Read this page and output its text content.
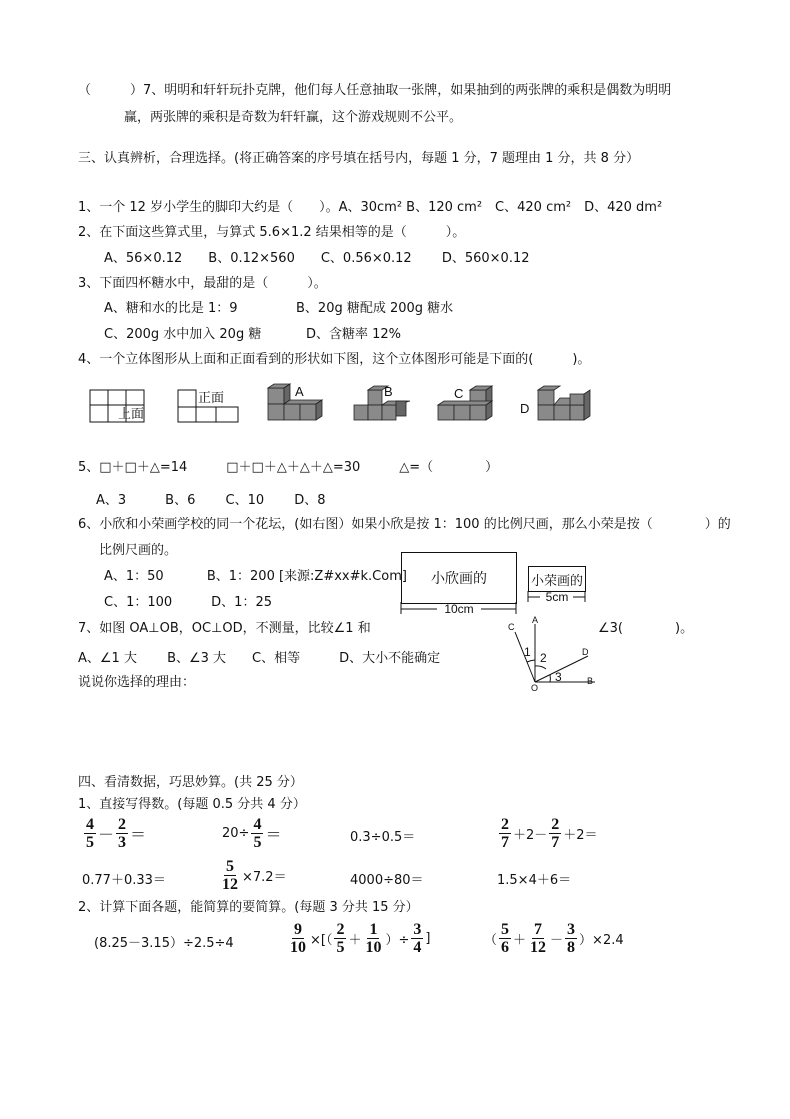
（　　　）7、明明和轩轩玩扑克牌，他们每人任意抽取一张牌，如果抽到的两张牌的乘积是偶数为明明
赢，两张牌的乘积是奇数为轩轩赢，这个游戏规则不公平。
三、认真辨析，合理选择。(将正确答案的序号填在括号内，每题 1 分，7 题理由 1 分，共 8 分）
1、一个 12 岁小学生的脚印大约是（　　）。A、30cm² B、120 cm²　C、420 cm²　D、420 dm²
2、在下面这些算式里，与算式 5.6×1.2 结果相等的是（　　　）。
A、56×0.12　　B、0.12×560　　C、0.56×0.12　　 D、560×0.12
3、下面四杯糖水中，最甜的是（　　　）。
A、糖和水的比是 1：9	B、20g 糖配成 200g 糖水
C、200g 水中加入 20g 糖	D、含糖率 12%
4、一个立体图形从上面和正面看到的形状如下图，这个立体图形可能是下面的(　　　)。
上面
正面	A	B	C
D
5、□＋□＋△=14　　　□＋□＋△＋△＋△=30　　　△=（　　　　）
A、3　　　B、6　　 C、10　　 D、8
6、小欣和小荣画学校的同一个花坛，(如右图）如果小欣是按 1：100 的比例尺画，那么小荣是按（　　　　）的
比例尺画的。
A、1：50　　　 B、1：200 [来源:Z#xx#k.Com]
C、1：100　　　D、1：25
小欣画的
10cm
小荣画的
5cm
7、如图 OA⊥OB，OC⊥OD，不测量，比较∠1 和	∠3(　　　　)。
A、∠1 大　　 B、∠3 大　　C、相等　　　D、大小不能确定
说说你选择的理由：
C
A
D
B
O
1 2
3
四、看清数据，巧思妙算。(共 25 分）
1、直接写得数。(每题 0.5 分共 4 分）
$\frac{4}{5} - \frac{2}{3}$ ＝	$20\div \frac{4}{5}$ ＝	0.3÷0.5＝	$\frac{2}{7} +2- \frac{2}{7} +2=$
0.77＋0.33＝	$\frac{5}{12} \times 7.2=$	4000÷80＝	1.5×4＋6＝
2、计算下面各题，能简算的要简算。(每题 3 分共 15 分）
(8.25－3.15）÷2.5÷4	$\frac{9}{10}$ ×[（ $\frac{2}{5} + \frac{1}{10}$ ）÷ $\frac{3}{4}$ ]	（ $\frac{5}{6} + \frac{7}{12} - \frac{3}{8} )\times 2.4$
